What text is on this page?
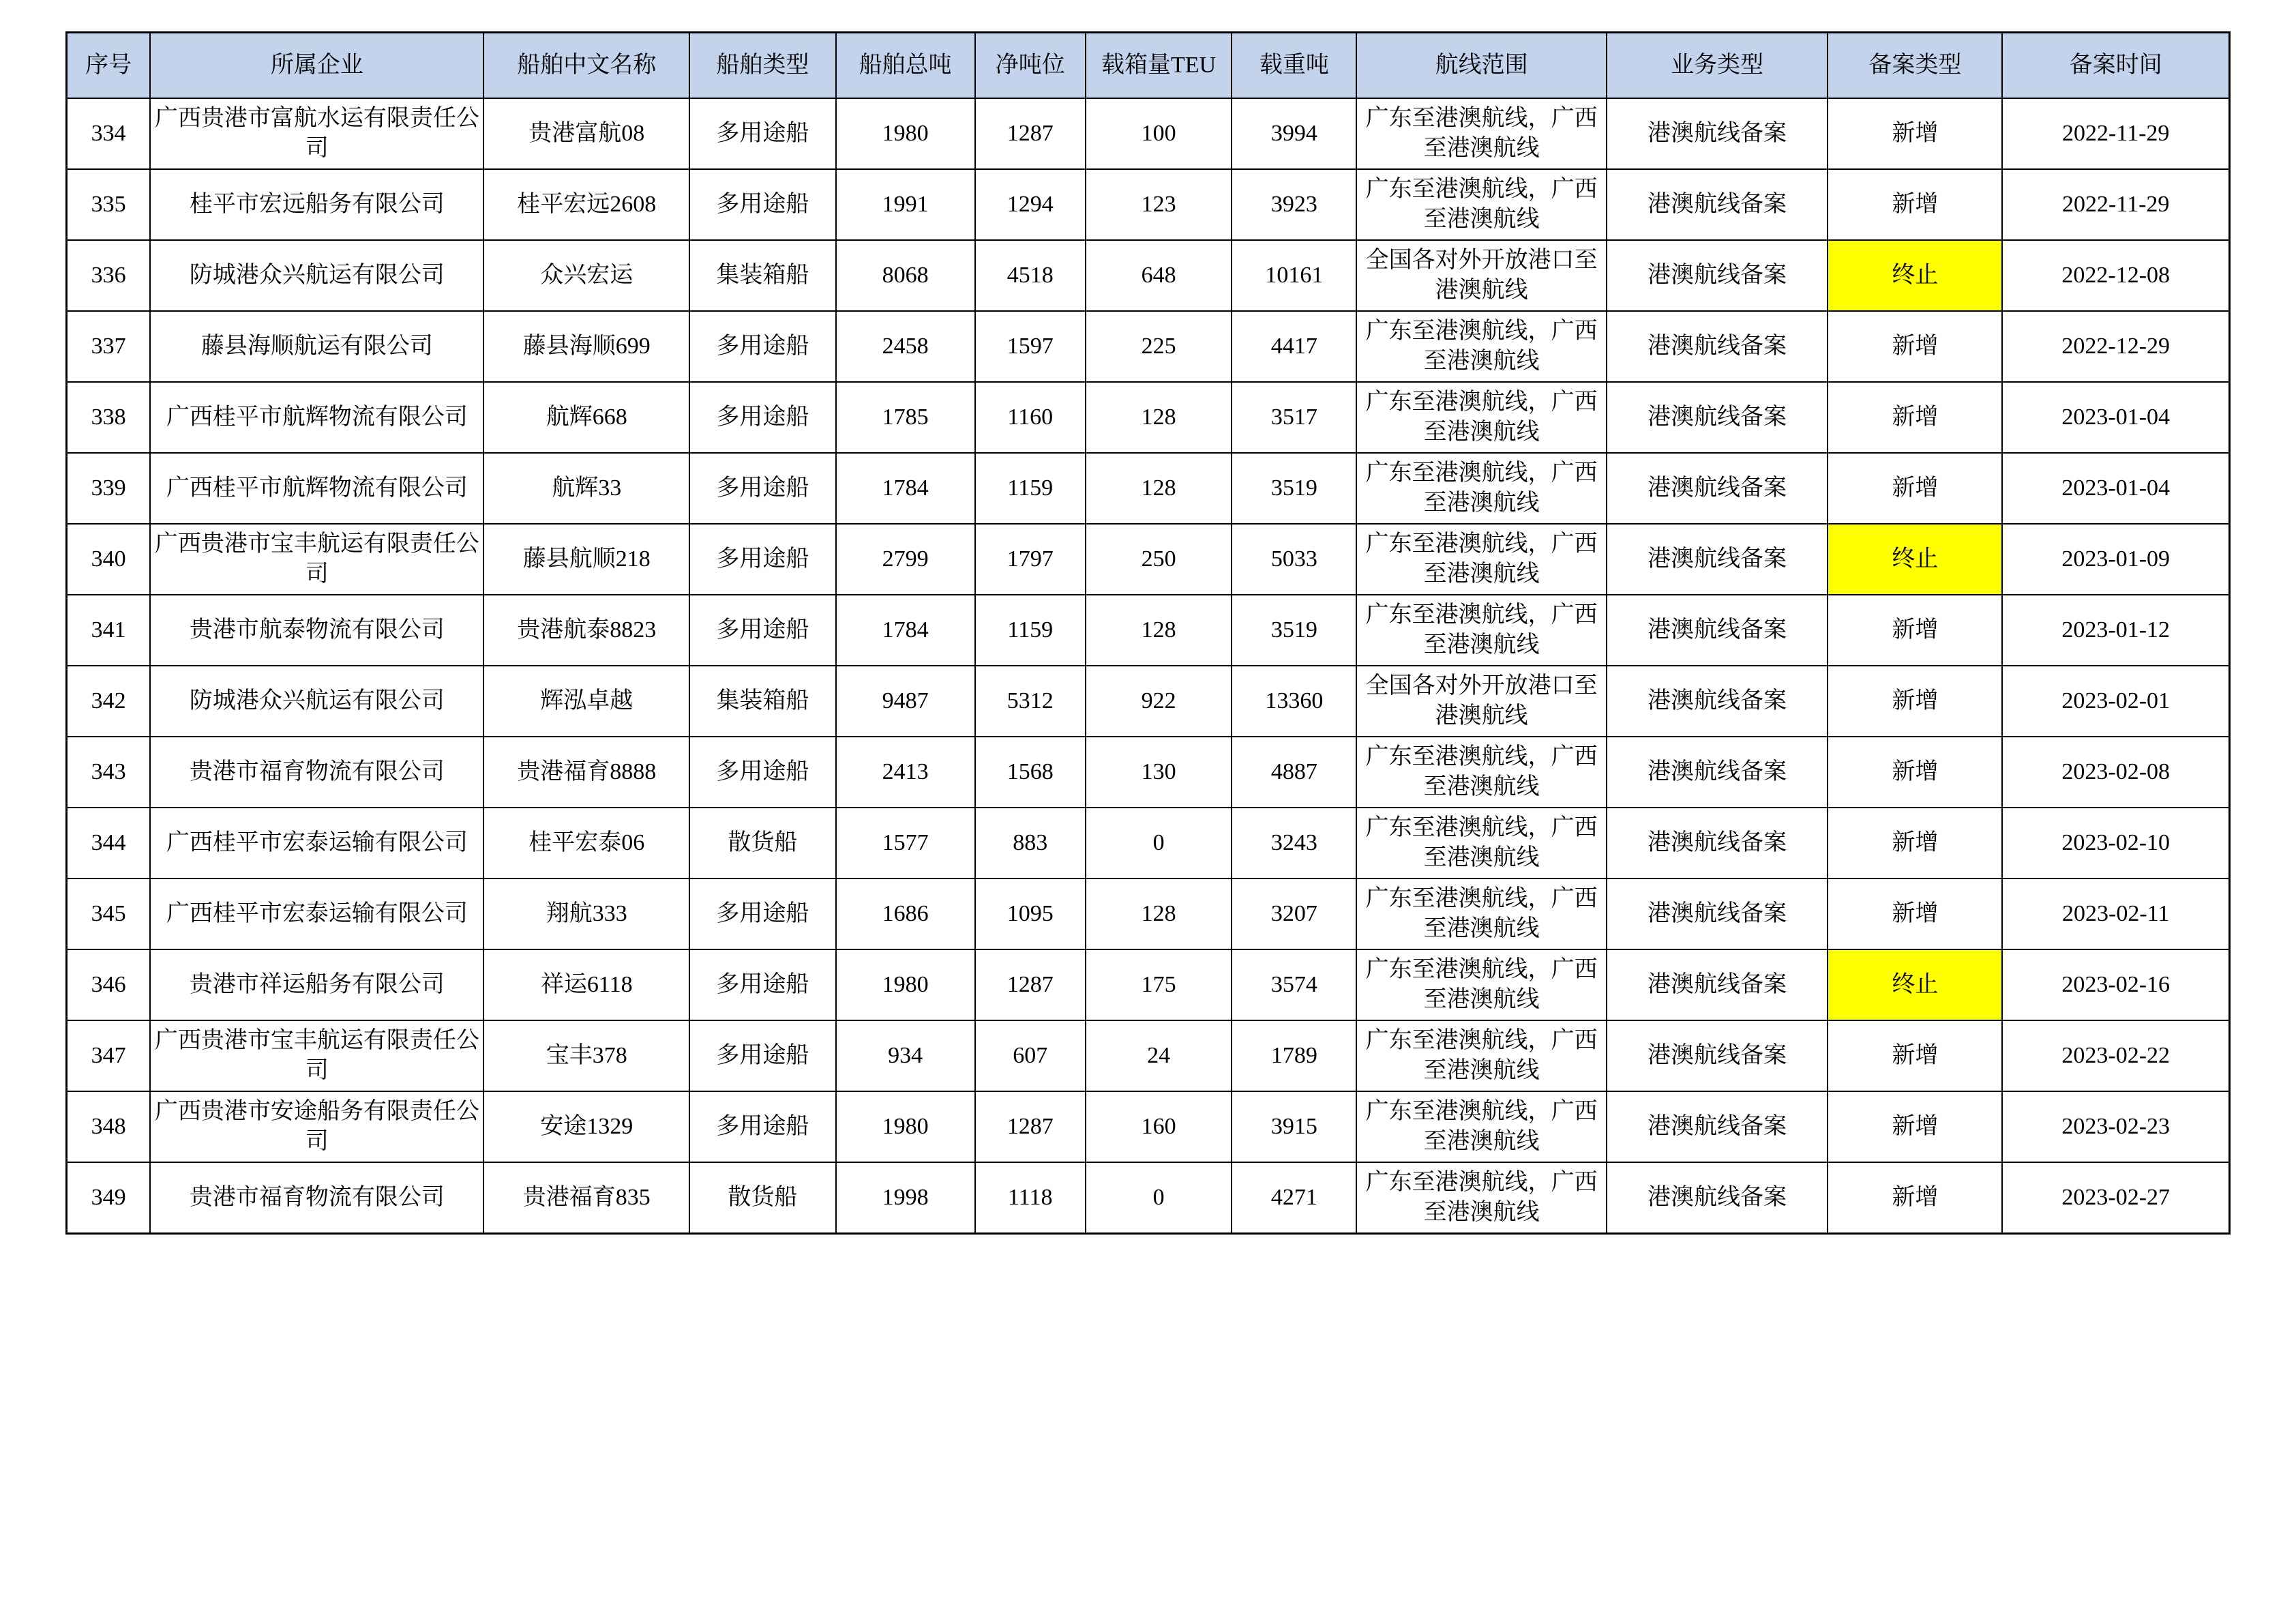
序号	所属企业	船舶中文名称	船舶类型	船舶总吨	净吨位	载箱量TEU	载重吨	航线范围	业务类型	备案类型	备案时间
334	广西贵港市富航水运有限责任公司	贵港富航08	多用途船	1980	1287	100	3994	广东至港澳航线，广西至港澳航线	港澳航线备案	新增	2022-11-29
335	桂平市宏远船务有限公司	桂平宏远2608	多用途船	1991	1294	123	3923	广东至港澳航线，广西至港澳航线	港澳航线备案	新增	2022-11-29
336	防城港众兴航运有限公司	众兴宏运	集装箱船	8068	4518	648	10161	全国各对外开放港口至港澳航线	港澳航线备案	终止	2022-12-08
337	藤县海顺航运有限公司	藤县海顺699	多用途船	2458	1597	225	4417	广东至港澳航线，广西至港澳航线	港澳航线备案	新增	2022-12-29
338	广西桂平市航辉物流有限公司	航辉668	多用途船	1785	1160	128	3517	广东至港澳航线，广西至港澳航线	港澳航线备案	新增	2023-01-04
339	广西桂平市航辉物流有限公司	航辉33	多用途船	1784	1159	128	3519	广东至港澳航线，广西至港澳航线	港澳航线备案	新增	2023-01-04
340	广西贵港市宝丰航运有限责任公司	藤县航顺218	多用途船	2799	1797	250	5033	广东至港澳航线，广西至港澳航线	港澳航线备案	终止	2023-01-09
341	贵港市航泰物流有限公司	贵港航泰8823	多用途船	1784	1159	128	3519	广东至港澳航线，广西至港澳航线	港澳航线备案	新增	2023-01-12
342	防城港众兴航运有限公司	辉泓卓越	集装箱船	9487	5312	922	13360	全国各对外开放港口至港澳航线	港澳航线备案	新增	2023-02-01
343	贵港市福育物流有限公司	贵港福育8888	多用途船	2413	1568	130	4887	广东至港澳航线，广西至港澳航线	港澳航线备案	新增	2023-02-08
344	广西桂平市宏泰运输有限公司	桂平宏泰06	散货船	1577	883	0	3243	广东至港澳航线，广西至港澳航线	港澳航线备案	新增	2023-02-10
345	广西桂平市宏泰运输有限公司	翔航333	多用途船	1686	1095	128	3207	广东至港澳航线，广西至港澳航线	港澳航线备案	新增	2023-02-11
346	贵港市祥运船务有限公司	祥运6118	多用途船	1980	1287	175	3574	广东至港澳航线，广西至港澳航线	港澳航线备案	终止	2023-02-16
347	广西贵港市宝丰航运有限责任公司	宝丰378	多用途船	934	607	24	1789	广东至港澳航线，广西至港澳航线	港澳航线备案	新增	2023-02-22
348	广西贵港市安途船务有限责任公司	安途1329	多用途船	1980	1287	160	3915	广东至港澳航线，广西至港澳航线	港澳航线备案	新增	2023-02-23
349	贵港市福育物流有限公司	贵港福育835	散货船	1998	1118	0	4271	广东至港澳航线，广西至港澳航线	港澳航线备案	新增	2023-02-27
